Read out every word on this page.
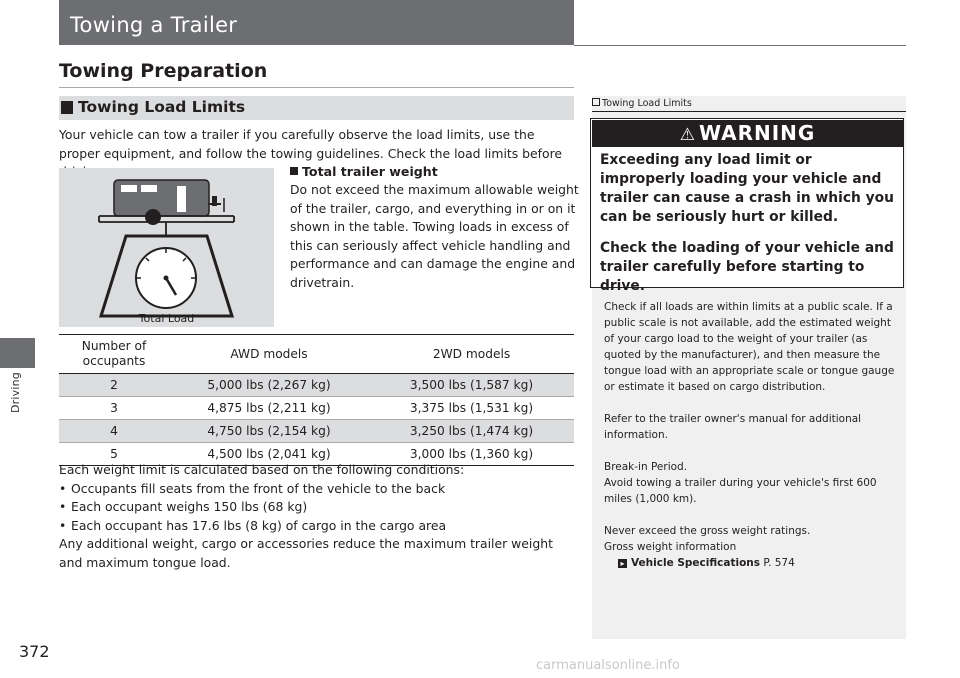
Driving
372
Towing a Trailer
Towing Preparation
Towing Load Limits
Your vehicle can tow a trailer if you carefully observe the load limits, use the proper equipment, and follow the towing guidelines. Check the load limits before
Total Load
Total trailer weight
Do not exceed the maximum allowable weight of the trailer, cargo, and everything in or on it shown in the table. Towing loads in excess of this can seriously affect vehicle handling and performance and can damage the engine and drivetrain.
Number of occupants	AWD models	2WD models
2	5,000 lbs (2,267 kg)	3,500 lbs (1,587 kg)
3	4,875 lbs (2,211 kg)	3,375 lbs (1,531 kg)
4	4,750 lbs (2,154 kg)	3,250 lbs (1,474 kg)
5	4,500 lbs (2,041 kg)	3,000 lbs (1,360 kg)
Each weight limit is calculated based on the following conditions:
• Occupants fill seats from the front of the vehicle to the back
• Each occupant weighs 150 lbs (68 kg)
• Each occupant has 17.6 lbs (8 kg) of cargo in the cargo area
Any additional weight, cargo or accessories reduce the maximum trailer weight and maximum tongue load.
Towing Load Limits
⚠ WARNING

Exceeding any load limit or improperly loading your vehicle and trailer can cause a crash in which you can be seriously hurt or killed.

Check the loading of your vehicle and trailer carefully before starting to drive.

Check if all loads are within limits at a public scale. If a public scale is not available, add the estimated weight of your cargo load to the weight of your trailer (as quoted by the manufacturer), and then measure the tongue load with an appropriate scale or tongue gauge or estimate it based on cargo distribution.

Refer to the trailer owner's manual for additional information.

Break-in Period.
Avoid towing a trailer during your vehicle's first 600 miles (1,000 km).

Never exceed the gross weight ratings.
Gross weight information
▸ Vehicle Specifications P. 574

carmanualsonline.info
